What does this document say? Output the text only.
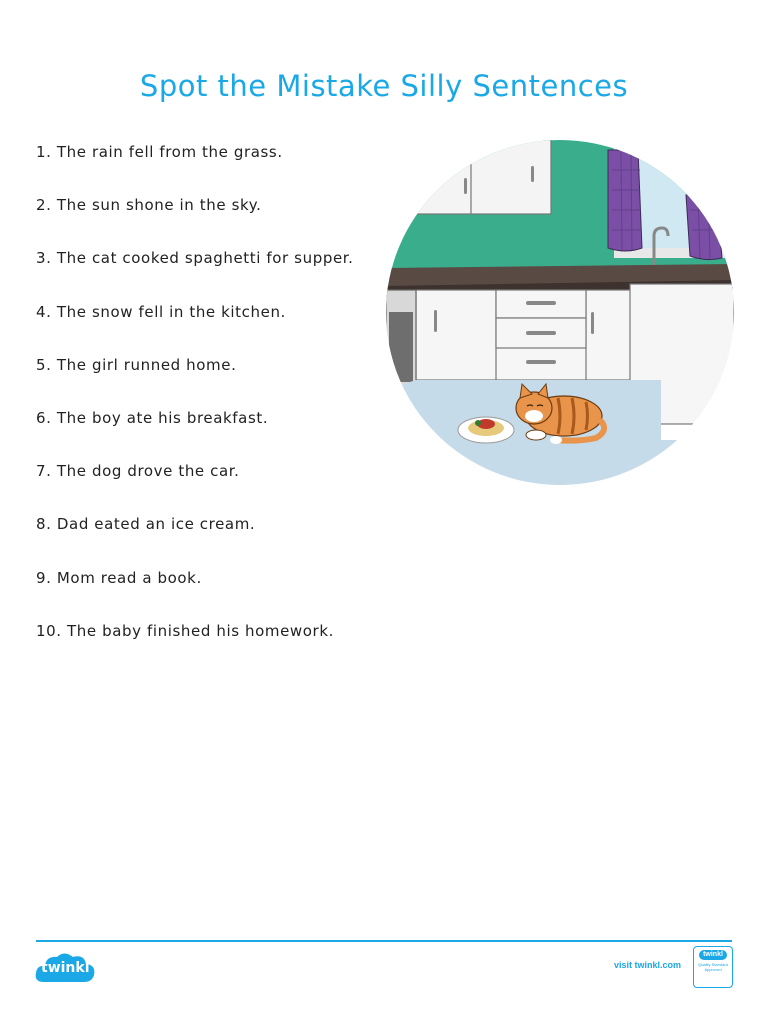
Spot the Mistake Silly Sentences
1. The rain fell from the grass.
2. The sun shone in the sky.
3. The cat cooked spaghetti for supper.
4. The snow fell in the kitchen.
5. The girl runned home.
6. The boy ate his breakfast.
7. The dog drove the car.
8. Dad eated an ice cream.
9. Mom read a book.
10. The baby finished his homework.
twinkl	visit twinkl.com
twinkl
Quality Standard
Approved
